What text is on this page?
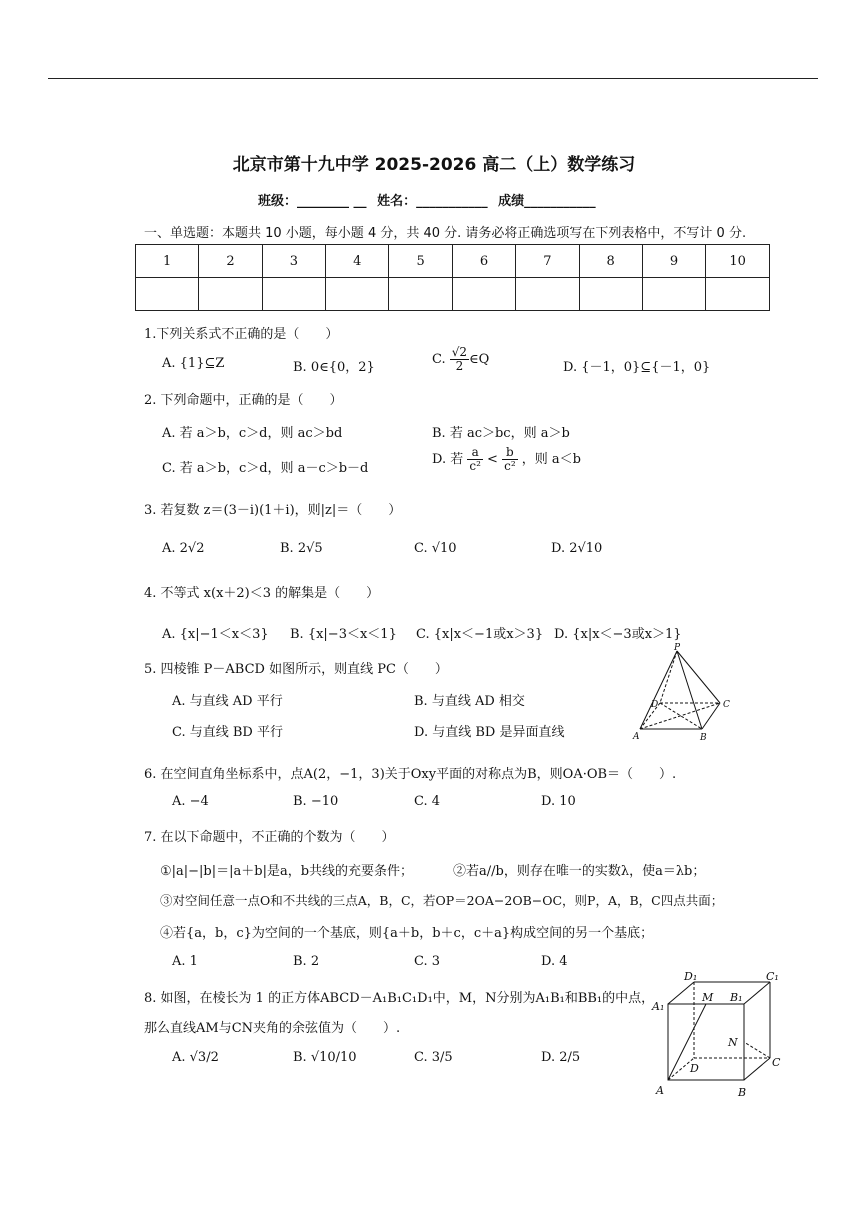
北京市第十九中学 2025-2026 高二（上）数学练习
班级：________ __ 姓名：___________ 成绩___________
一、单选题：本题共 10 小题，每小题 4 分，共 40 分. 请务必将正确选项写在下列表格中，不写计 0 分.
1	2	3	4	5	6	7	8	9	10

1.下列关系式不正确的是（　　）
A. {1}⊆Z	B. 0∈{0，2}
C. $\frac{√2}{2}$ ∈Q
D. {－1，0}⊆{－1，0}
2. 下列命题中，正确的是（　　）
A. 若 a＞b，c＞d，则 ac＞bd	B. 若 ac＞bc，则 a＞b
C. 若 a＞b，c＞d，则 a－c＞b－d
D. 若 $\frac{a}{\text{c²}} < \frac{b}{\text{c²}}$ ，则 a＜b
3. 若复数 z＝(3－i)(1＋i)，则|z|＝（　　）
A. 2√2	B. 2√5	C. √10	D. 2√10
4. 不等式 x(x＋2)＜3 的解集是（　　）
A. {x|−1＜x＜3} B. {x|−3＜x＜1} C. {x|x＜−1或x＞3} D. {x|x＜−3或x＞1}
5. 四棱锥 P－ABCD 如图所示，则直线 PC（　　）
A. 与直线 AD 平行	B. 与直线 AD 相交
C. 与直线 BD 平行	D. 与直线 BD 是异面直线
P
A	B
C
D
6. 在空间直角坐标系中，点A(2，−1，3)关于Oxy平面的对称点为B，则OA·OB＝（　　）.
A. −4	B. −10	C. 4	D. 10
7. 在以下命题中，不正确的个数为（　　）
①|a|−|b|＝|a＋b|是a，b共线的充要条件；	②若a//b，则存在唯一的实数λ，使a＝λb；
③对空间任意一点O和不共线的三点A，B，C，若OP＝2OA−2OB−OC，则P，A，B，C四点共面；
④若{a，b，c}为空间的一个基底，则{a＋b，b＋c，c＋a}构成空间的另一个基底；
A. 1	B. 2	C. 3	D. 4
8. 如图，在棱长为 1 的正方体ABCD－A₁B₁C₁D₁中，M，N分别为A₁B₁和BB₁的中点，
那么直线AM与CN夹角的余弦值为（　　）.
A. √3/2	B. √10/10	C. 3/5	D. 2/5
D₁	C₁
A₁
B₁
M
N
A	B
C
D
